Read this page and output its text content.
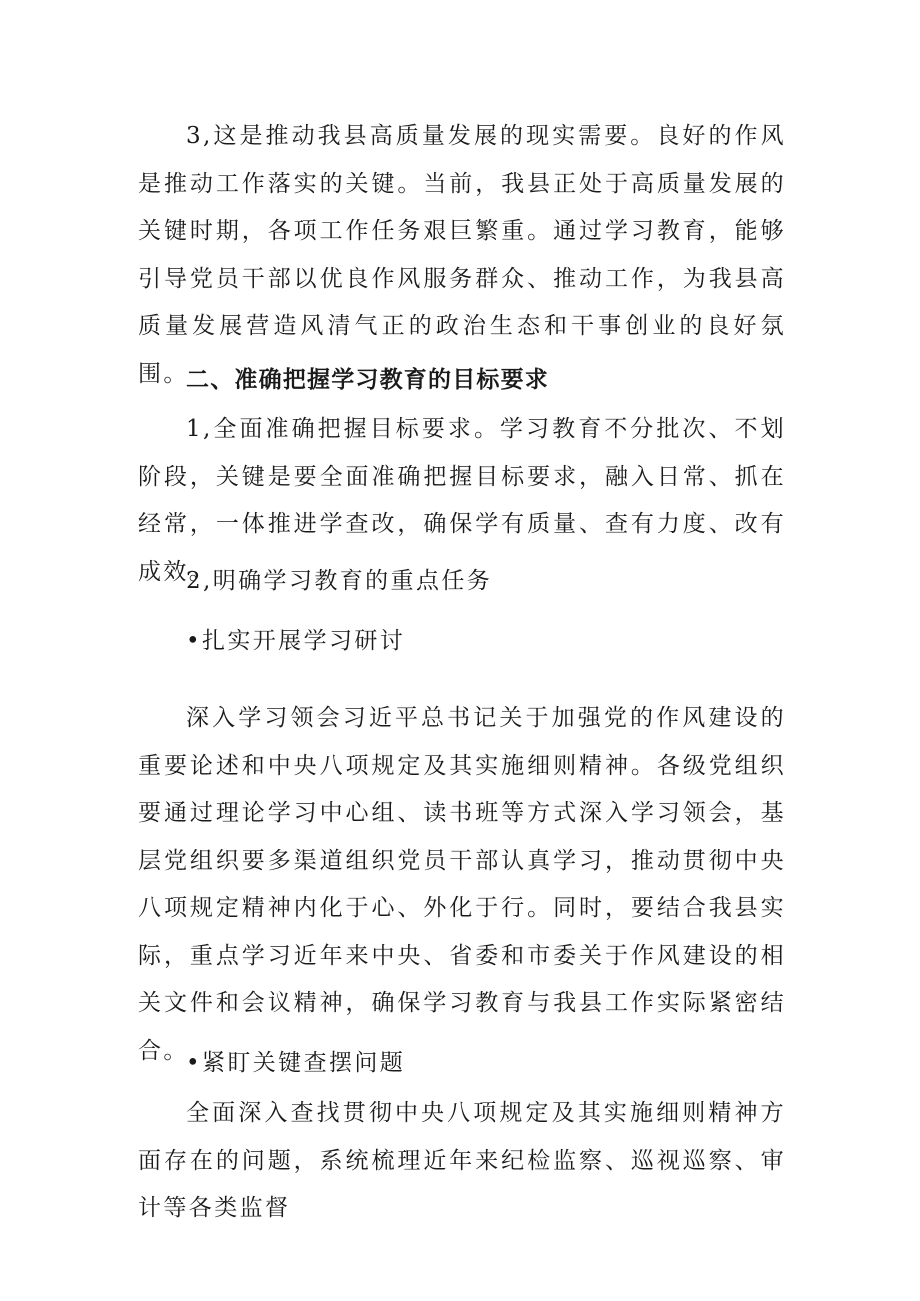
3,这是推动我县高质量发展的现实需要。良好的作风是推动工作落实的关键。当前，我县正处于高质量发展的关键时期，各项工作任务艰巨繁重。通过学习教育，能够引导党员干部以优良作风服务群众、推动工作，为我县高质量发展营造风清气正的政治生态和干事创业的良好氛围。

二、准确把握学习教育的目标要求

1,全面准确把握目标要求。学习教育不分批次、不划阶段，关键是要全面准确把握目标要求，融入日常、抓在经常，一体推进学查改，确保学有质量、查有力度、改有成效。

2,明确学习教育的重点任务

•扎实开展学习研讨

深入学习领会习近平总书记关于加强党的作风建设的重要论述和中央八项规定及其实施细则精神。各级党组织要通过理论学习中心组、读书班等方式深入学习领会，基层党组织要多渠道组织党员干部认真学习，推动贯彻中央八项规定精神内化于心、外化于行。同时，要结合我县实际，重点学习近年来中央、省委和市委关于作风建设的相关文件和会议精神，确保学习教育与我县工作实际紧密结合。

•紧盯关键查摆问题

全面深入查找贯彻中央八项规定及其实施细则精神方面存在的问题，系统梳理近年来纪检监察、巡视巡察、审计等各类监督
